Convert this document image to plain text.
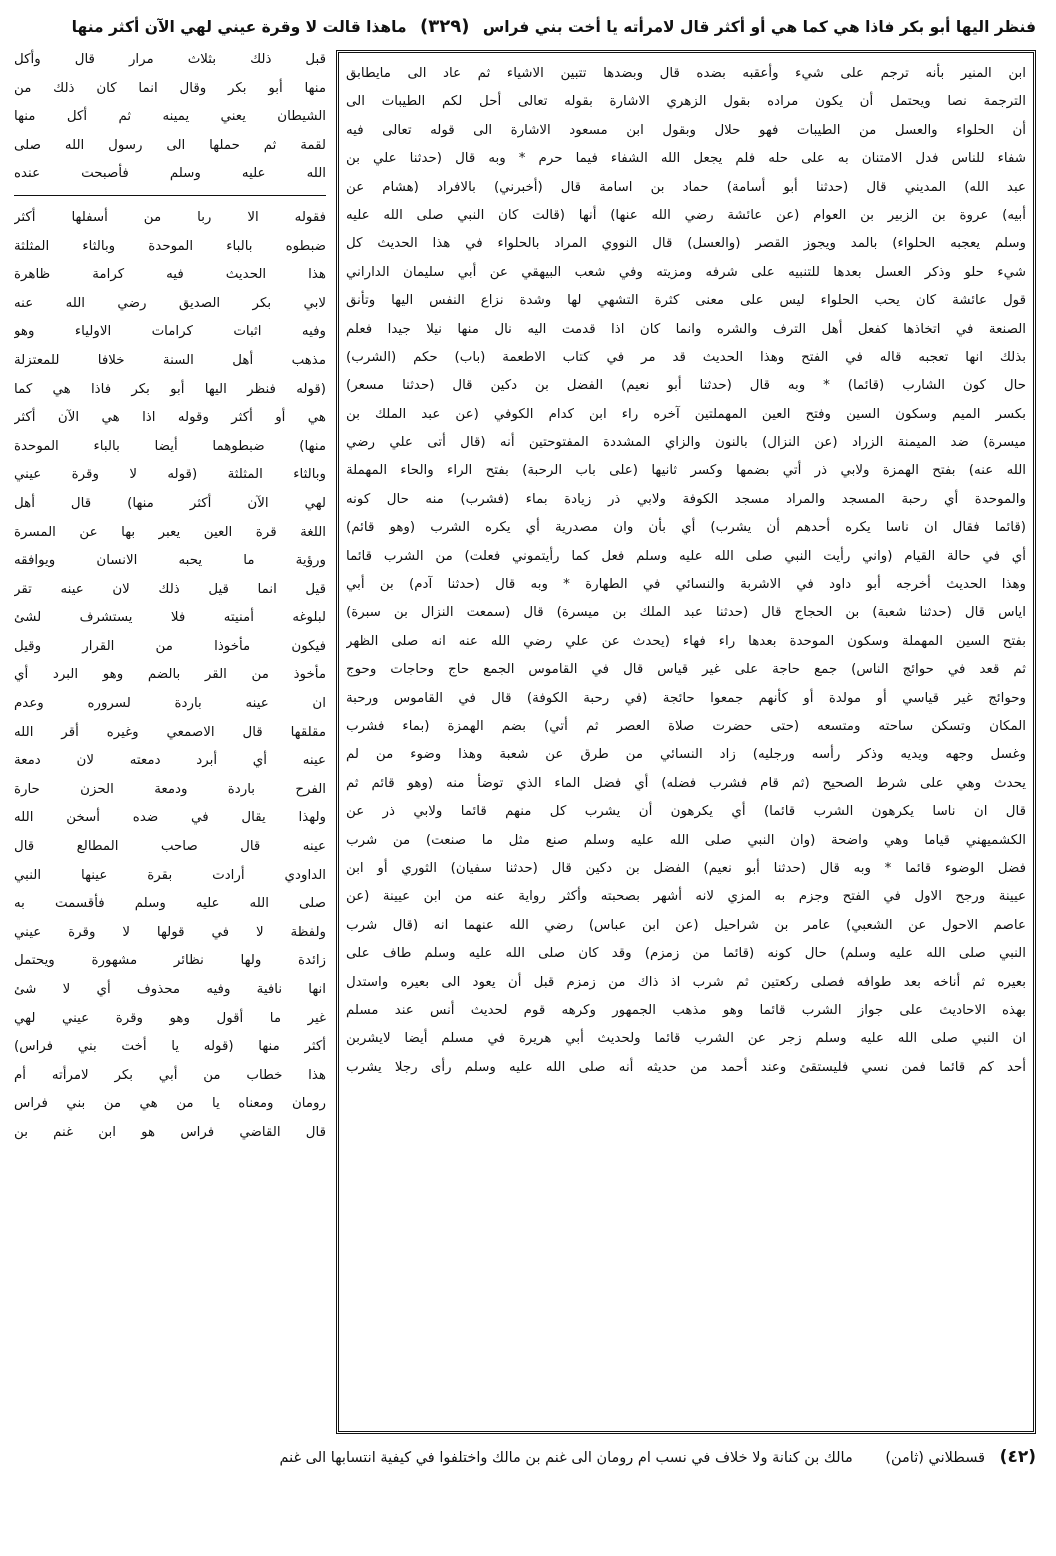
فنظر اليها أبو بكر فاذا هي كما هي أو أكثر قال لامرأته يا أخت بني فراس (٣٢٩) ماهذا قالت لا وقرة عيني لهي الآن أكثر منها
ابن المنير بأنه ترجم على شيء وأعقبه بضده قال وبضدها تتبين الاشياء ثم عاد الى مايطابق
الترجمة نصا ويحتمل أن يكون مراده بقول الزهري الاشارة بقوله تعالى أحل لكم الطيبات الى
أن الحلواء والعسل من الطيبات فهو حلال وبقول ابن مسعود الاشارة الى قوله تعالى فيه
شفاء للناس فدل الامتنان به على حله فلم يجعل الله الشفاء فيما حرم * وبه قال (حدثنا علي بن
عبد الله) المديني قال (حدثنا أبو أسامة) حماد بن اسامة قال (أخبرني) بالافراد (هشام عن
أبيه) عروة بن الزبير بن العوام (عن عائشة رضي الله عنها) أنها (قالت كان النبي صلى الله عليه
وسلم يعجبه الحلواء) بالمد ويجوز القصر (والعسل) قال النووي المراد بالحلواء في هذا الحديث كل
شيء حلو وذكر العسل بعدها للتنبيه على شرفه ومزيته وفي شعب البيهقي عن أبي سليمان الداراني
قول عائشة كان يحب الحلواء ليس على معنى كثرة التشهي لها وشدة نزاع النفس اليها وتأنق
الصنعة في اتخاذها كفعل أهل الترف والشره وانما كان اذا قدمت اليه نال منها نيلا جيدا فعلم
بذلك انها تعجبه قاله في الفتح وهذا الحديث قد مر في كتاب الاطعمة (باب) حكم (الشرب)
حال كون الشارب (قائما) * وبه قال (حدثنا أبو نعيم) الفضل بن دكين قال (حدثنا مسعر)
بكسر الميم وسكون السين وفتح العين المهملتين آخره راء ابن كدام الكوفي (عن عبد الملك بن
ميسرة) ضد الميمنة الزراد (عن النزال) بالنون والزاي المشددة المفتوحتين أنه (قال أتى علي رضي
الله عنه) بفتح الهمزة ولابي ذر أتي بضمها وكسر ثانيها (على باب الرحبة) بفتح الراء والحاء المهملة
والموحدة أي رحبة المسجد والمراد مسجد الكوفة ولابي ذر زيادة بماء (فشرب) منه حال كونه
(قائما فقال ان ناسا يكره أحدهم أن يشرب) أي بأن وان مصدرية أي يكره الشرب (وهو قائم)
أي في حالة القيام (واني رأيت النبي صلى الله عليه وسلم فعل كما رأيتموني فعلت) من الشرب قائما
وهذا الحديث أخرجه أبو داود في الاشربة والنسائي في الطهارة * وبه قال (حدثنا آدم) بن أبي
اياس قال (حدثنا شعبة) بن الحجاج قال (حدثنا عبد الملك بن ميسرة) قال (سمعت النزال بن سبرة)
بفتح السين المهملة وسكون الموحدة بعدها راء فهاء (يحدث عن علي رضي الله عنه انه صلى الظهر
ثم قعد في حوائج الناس) جمع حاجة على غير قياس قال في القاموس الجمع حاج وحاجات وحوج
وحوائج غير قياسي أو مولدة أو كأنهم جمعوا حائجة (في رحبة الكوفة) قال في القاموس ورحبة
المكان وتسكن ساحته ومتسعه (حتى حضرت صلاة العصر ثم أتي) بضم الهمزة (بماء فشرب
وغسل وجهه ويديه وذكر رأسه ورجليه) زاد النسائي من طرق عن شعبة وهذا وضوء من لم
يحدث وهي على شرط الصحيح (ثم قام فشرب فضله) أي فضل الماء الذي توضأ منه (وهو قائم ثم
قال ان ناسا يكرهون الشرب قائما) أي يكرهون أن يشرب كل منهم قائما ولابي ذر عن
الكشميهني قياما وهي واضحة (وان النبي صلى الله عليه وسلم صنع مثل ما صنعت) من شرب
فضل الوضوء قائما * وبه قال (حدثنا أبو نعيم) الفضل بن دكين قال (حدثنا سفيان) الثوري أو ابن
عيينة ورجح الاول في الفتح وجزم به المزي لانه أشهر بصحبته وأكثر رواية عنه من ابن عيينة (عن
عاصم الاحول عن الشعبي) عامر بن شراحيل (عن ابن عباس) رضي الله عنهما انه (قال شرب
النبي صلى الله عليه وسلم) حال كونه (قائما من زمزم) وقد كان صلى الله عليه وسلم طاف على
بعيره ثم أناخه بعد طوافه فصلى ركعتين ثم شرب اذ ذاك من زمزم قبل أن يعود الى بعيره واستدل
بهذه الاحاديث على جواز الشرب قائما وهو مذهب الجمهور وكرهه قوم لحديث أنس عند مسلم
ان النبي صلى الله عليه وسلم زجر عن الشرب قائما ولحديث أبي هريرة في مسلم أيضا لايشربن
أحد كم قائما فمن نسي فليستقئ وعند أحمد من حديثه أنه صلى الله عليه وسلم رأى رجلا يشرب
قبل ذلك بثلاث مرار قال وأكل
منها أبو بكر وقال انما كان ذلك من
الشيطان يعني يمينه ثم أكل منها
لقمة ثم حملها الى رسول الله صلى
الله عليه وسلم فأصبحت عنده
فقوله الا ربا من أسفلها أكثر
ضبطوه بالباء الموحدة وبالثاء المثلثة
هذا الحديث فيه كرامة ظاهرة
لابي بكر الصديق رضي الله عنه
وفيه اثبات كرامات الاولياء وهو
مذهب أهل السنة خلافا للمعتزلة
(قوله فنظر اليها أبو بكر فاذا هي كما
هي أو أكثر وقوله اذا هي الآن أكثر
منها) ضبطوهما أيضا بالباء الموحدة
وبالثاء المثلثة (قوله لا وقرة عيني
لهي الآن أكثر منها) قال أهل
اللغة قرة العين يعبر بها عن المسرة
ورؤية ما يحبه الانسان ويوافقه
قيل انما قيل ذلك لان عينه تقر
لبلوغه أمنيته فلا يستشرف لشئ
فيكون مأخوذا من القرار وقيل
مأخوذ من القر بالضم وهو البرد أي
ان عينه باردة لسروره وعدم
مقلقها قال الاصمعي وغيره أقر الله
عينه أي أبرد دمعته لان دمعة
الفرح باردة ودمعة الحزن حارة
ولهذا يقال في ضده أسخن الله
عينه قال صاحب المطالع قال
الداودي أرادت بقرة عينها النبي
صلى الله عليه وسلم فأقسمت به
ولفظة لا في قولها لا وقرة عيني
زائدة ولها نظائر مشهورة ويحتمل
انها نافية وفيه محذوف أي لا شئ
غير ما أقول وهو وقرة عيني لهي
أكثر منها (قوله يا أخت بني فراس)
هذا خطاب من أبي بكر لامرأته أم
رومان ومعناه يا من هي من بني فراس
قال القاضي فراس هو ابن غنم بن
(٤٢) قسطلاني (ثامن) مالك بن كنانة ولا خلاف في نسب ام رومان الى غنم بن مالك واختلفوا في كيفية انتسابها الى غنم
